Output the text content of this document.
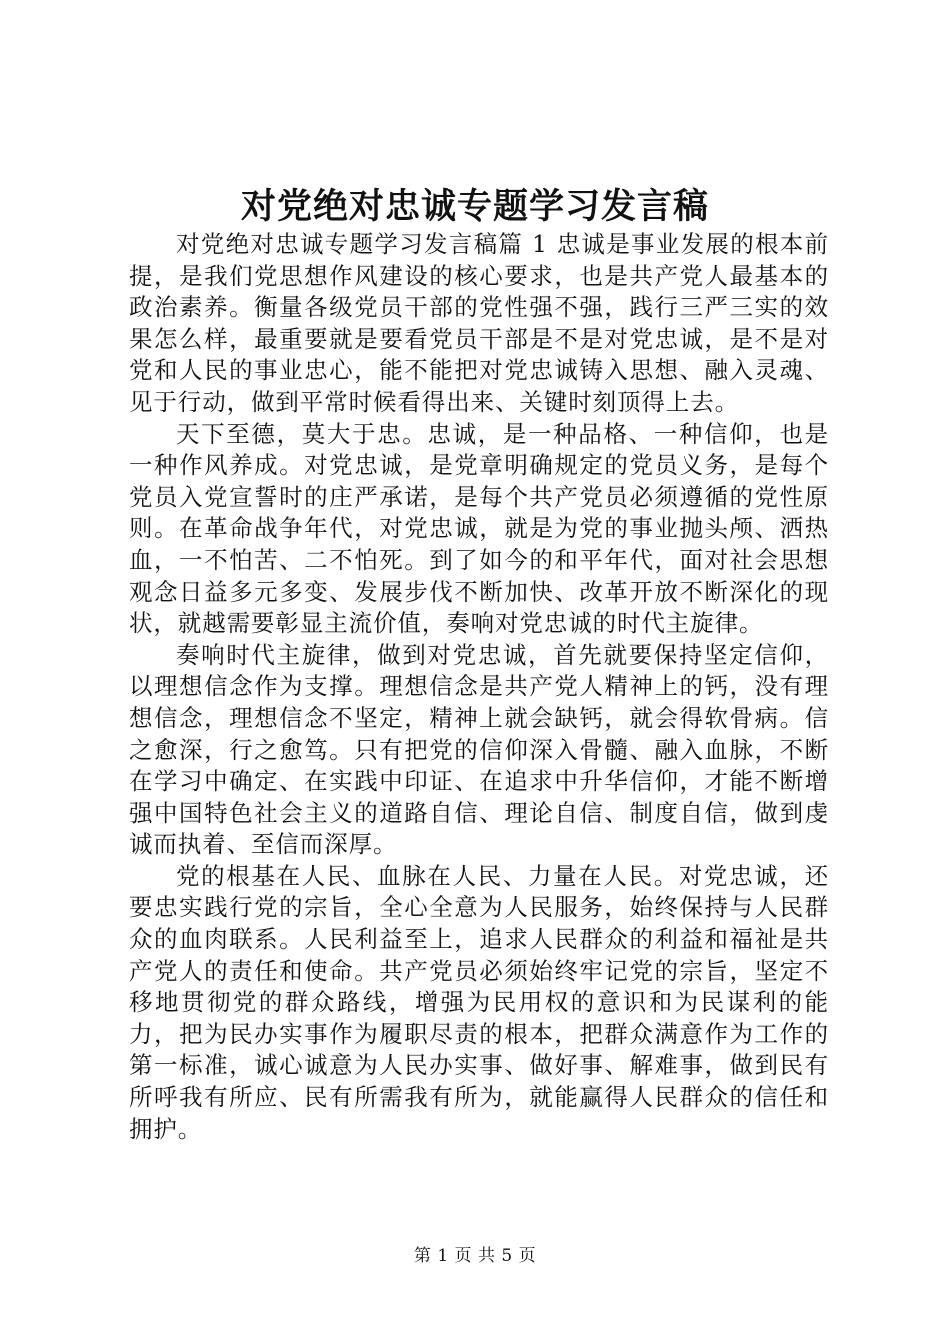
对党绝对忠诚专题学习发言稿

对党绝对忠诚专题学习发言稿篇 1 忠诚是事业发展的根本前提，是我们党思想作风建设的核心要求，也是共产党人最基本的政治素养。衡量各级党员干部的党性强不强，践行三严三实的效果怎么样，最重要就是要看党员干部是不是对党忠诚，是不是对党和人民的事业忠心，能不能把对党忠诚铸入思想、融入灵魂、见于行动，做到平常时候看得出来、关键时刻顶得上去。

天下至德，莫大于忠。忠诚，是一种品格、一种信仰，也是一种作风养成。对党忠诚，是党章明确规定的党员义务，是每个党员入党宣誓时的庄严承诺，是每个共产党员必须遵循的党性原则。在革命战争年代，对党忠诚，就是为党的事业抛头颅、洒热血，一不怕苦、二不怕死。到了如今的和平年代，面对社会思想观念日益多元多变、发展步伐不断加快、改革开放不断深化的现状，就越需要彰显主流价值，奏响对党忠诚的时代主旋律。

奏响时代主旋律，做到对党忠诚，首先就要保持坚定信仰，以理想信念作为支撑。理想信念是共产党人精神上的钙，没有理想信念，理想信念不坚定，精神上就会缺钙，就会得软骨病。信之愈深，行之愈笃。只有把党的信仰深入骨髓、融入血脉，不断在学习中确定、在实践中印证、在追求中升华信仰，才能不断增强中国特色社会主义的道路自信、理论自信、制度自信，做到虔诚而执着、至信而深厚。

党的根基在人民、血脉在人民、力量在人民。对党忠诚，还要忠实践行党的宗旨，全心全意为人民服务，始终保持与人民群众的血肉联系。人民利益至上，追求人民群众的利益和福祉是共产党人的责任和使命。共产党员必须始终牢记党的宗旨，坚定不移地贯彻党的群众路线，增强为民用权的意识和为民谋利的能力，把为民办实事作为履职尽责的根本，把群众满意作为工作的第一标准，诚心诚意为人民办实事、做好事、解难事，做到民有所呼我有所应、民有所需我有所为，就能赢得人民群众的信任和拥护。

第 1 页 共 5 页
